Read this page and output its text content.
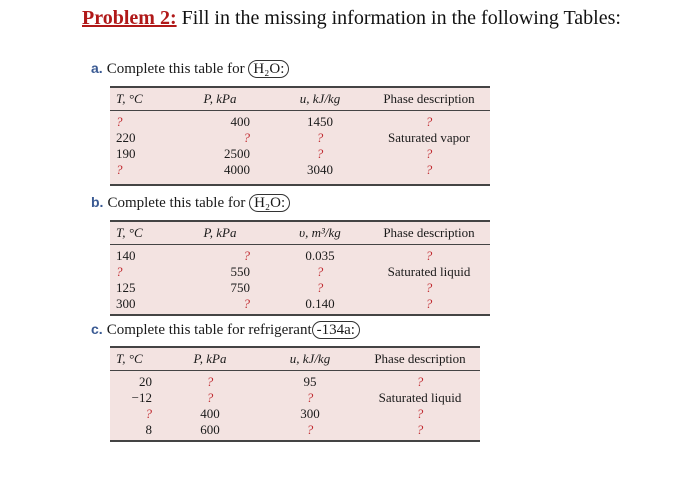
Problem 2: Fill in the missing information in the following Tables:
a. Complete this table for H₂O:
T, °C	P, kPa	u, kJ/kg	Phase description
?	400	1450	?
220	?	?	Saturated vapor
190	2500	?	?
?	4000	3040	?
b. Complete this table for H₂O:
T, °C	P, kPa	υ, m³/kg	Phase description
140	?	0.035	?
?	550	?	Saturated liquid
125	750	?	?
300	?	0.140	?
c. Complete this table for refrigerant -134a:
T, °C	P, kPa	u, kJ/kg	Phase description
20	?	95	?
−12	?	?	Saturated liquid
?	400	300	?
8	600	?	?
